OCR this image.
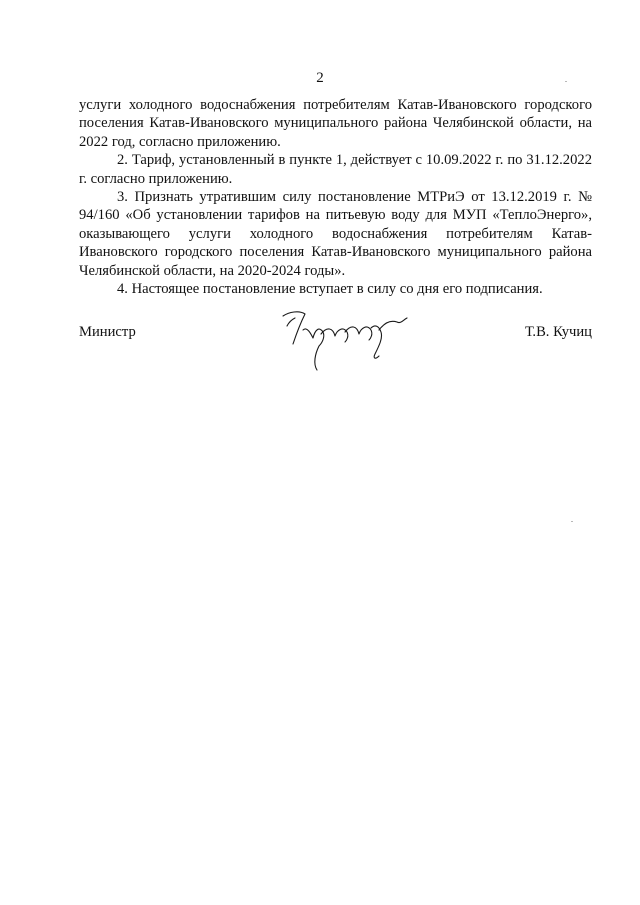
2

услуги холодного водоснабжения потребителям Катав-Ивановского городского поселения Катав-Ивановского муниципального района Челябинской области, на 2022 год, согласно приложению.

2. Тариф, установленный в пункте 1, действует с 10.09.2022 г. по 31.12.2022 г. согласно приложению.

3. Признать утратившим силу постановление МТРиЭ от 13.12.2019 г. № 94/160 «Об установлении тарифов на питьевую воду для МУП «ТеплоЭнерго», оказывающего услуги холодного водоснабжения потребителям Катав-Ивановского городского поселения Катав-Ивановского муниципального района Челябинской области, на 2020-2024 годы».

4. Настоящее постановление вступает в силу со дня его подписания.

Министр	Т.В. Кучиц
